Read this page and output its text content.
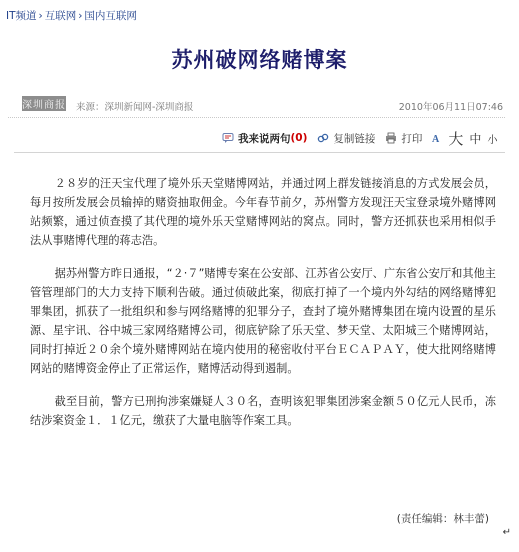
IT频道 › 互联网 › 国内互联网
苏州破网络赌博案
深圳商报 来源：深圳新闻网-深圳商报	2010年06月11日07:46
我来说两句 (0) 复制链接 打印 A 大 中 小

２８岁的汪天宝代理了境外乐天堂赌博网站，并通过网上群发链接消息的方式发展会员，每月按所发展会员输掉的赌资抽取佣金。今年春节前夕，苏州警方发现汪天宝登录境外赌博网站频繁，通过侦查摸了其代理的境外乐天堂赌博网站的窝点。同时，警方还抓获也采用相似手法从事赌博代理的蒋志浩。

据苏州警方昨日通报，“２·７”赌博专案在公安部、江苏省公安厅、广东省公安厅和其他主管管理部门的大力支持下顺利告破。通过侦破此案，彻底打掉了一个境内外勾结的网络赌博犯罪集团，抓获了一批组织和参与网络赌博的犯罪分子，查封了境外赌博集团在境内设置的星乐源、星宇讯、谷中城三家网络赌博公司，彻底铲除了乐天堂、梦天堂、太阳城三个赌博网站，同时打掉近２０余个境外赌博网站在境内使用的秘密收付平台ＥＣＡＰＡＹ，使大批网络赌博网站的赌博资金停止了正常运作，赌博活动得到遏制。

截至目前，警方已刑拘涉案嫌疑人３０名，查明该犯罪集团涉案金额５０亿元人民币，冻结涉案资金１．１亿元，缴获了大量电脑等作案工具。

(责任编辑：林丰蕾)
↵
